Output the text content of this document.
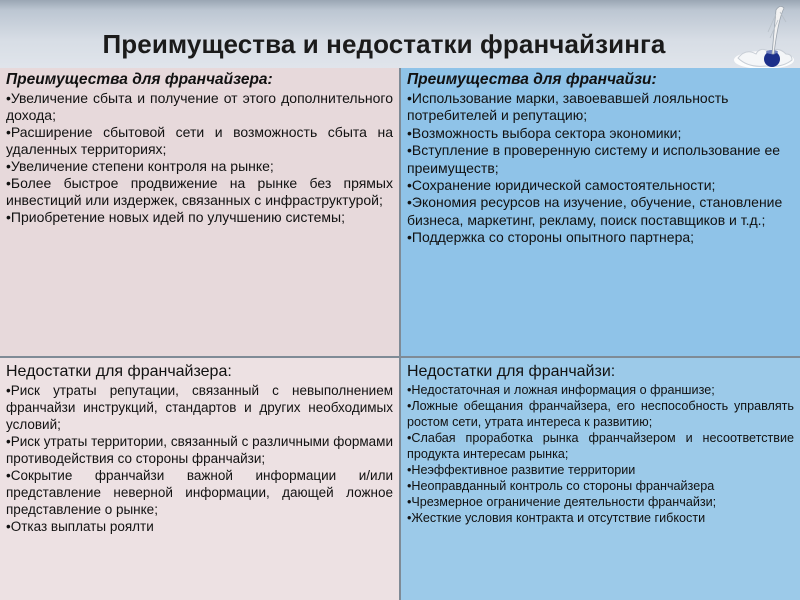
Преимущества и недостатки франчайзинга
Преимущества для франчайзера:
•Увеличение сбыта и получение от этого дополнительного дохода;
•Расширение сбытовой сети и возможность сбыта на удаленных территориях;
•Увеличение степени контроля на рынке;
•Более быстрое продвижение на рынке без прямых инвестиций или издержек, связанных с инфраструктурой;
•Приобретение новых идей по улучшению системы;
Преимущества для франчайзи:
•Использование марки, завоевавшей лояльность потребителей и репутацию;
•Возможность выбора сектора экономики;
•Вступление в проверенную систему и использование ее преимуществ;
•Сохранение юридической самостоятельности;
•Экономия ресурсов на изучение, обучение, становление бизнеса, маркетинг, рекламу, поиск поставщиков и т.д.;
•Поддержка со стороны опытного партнера;
Недостатки для франчайзера:
•Риск утраты репутации, связанный с невыполнением франчайзи инструкций, стандартов и других необходимых условий;
•Риск утраты территории, связанный с различными формами противодействия со стороны франчайзи;
•Сокрытие франчайзи важной информации и/или представление неверной информации, дающей ложное представление о рынке;
•Отказ выплаты роялти
Недостатки для франчайзи:
•Недостаточная и ложная информация о франшизе;
•Ложные обещания франчайзера, его неспособность управлять ростом сети, утрата интереса к развитию;
•Слабая проработка рынка франчайзером и несоответствие продукта интересам рынка;
•Неэффективное развитие территории
•Неоправданный контроль со стороны франчайзера
•Чрезмерное ограничение деятельности франчайзи;
•Жесткие условия контракта и отсутствие гибкости
